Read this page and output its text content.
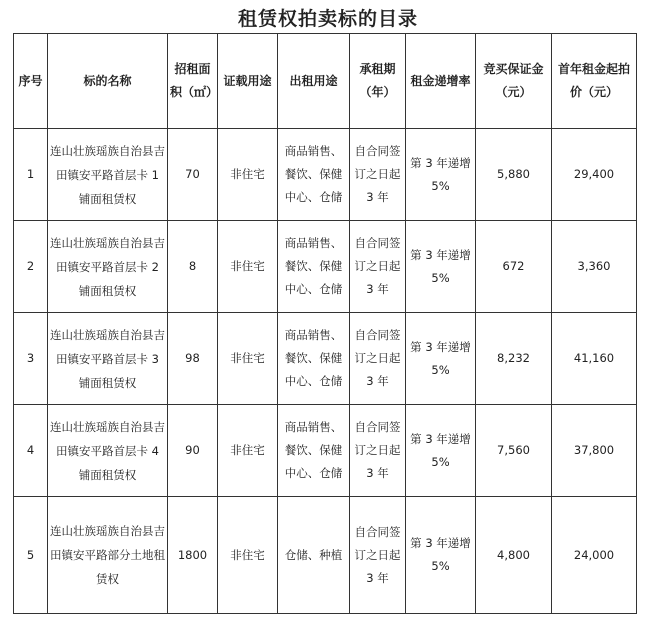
租赁权拍卖标的目录
序号	标的名称	招租面积（㎡）	证载用途	出租用途	承租期（年）	租金递增率	竞买保证金（元）	首年租金起拍价（元）
1	连山壮族瑶族自治县吉田镇安平路首层卡 1 铺面租赁权	70	非住宅	商品销售、餐饮、保健中心、仓储	自合同签订之日起 3 年	第 3 年递增 5%	5,880	29,400
2	连山壮族瑶族自治县吉田镇安平路首层卡 2 铺面租赁权	8	非住宅	商品销售、餐饮、保健中心、仓储	自合同签订之日起 3 年	第 3 年递增 5%	672	3,360
3	连山壮族瑶族自治县吉田镇安平路首层卡 3 铺面租赁权	98	非住宅	商品销售、餐饮、保健中心、仓储	自合同签订之日起 3 年	第 3 年递增 5%	8,232	41,160
4	连山壮族瑶族自治县吉田镇安平路首层卡 4 铺面租赁权	90	非住宅	商品销售、餐饮、保健中心、仓储	自合同签订之日起 3 年	第 3 年递增 5%	7,560	37,800
5	连山壮族瑶族自治县吉田镇安平路部分土地租赁权	1800	非住宅	仓储、种植	自合同签订之日起 3 年	第 3 年递增 5%	4,800	24,000
